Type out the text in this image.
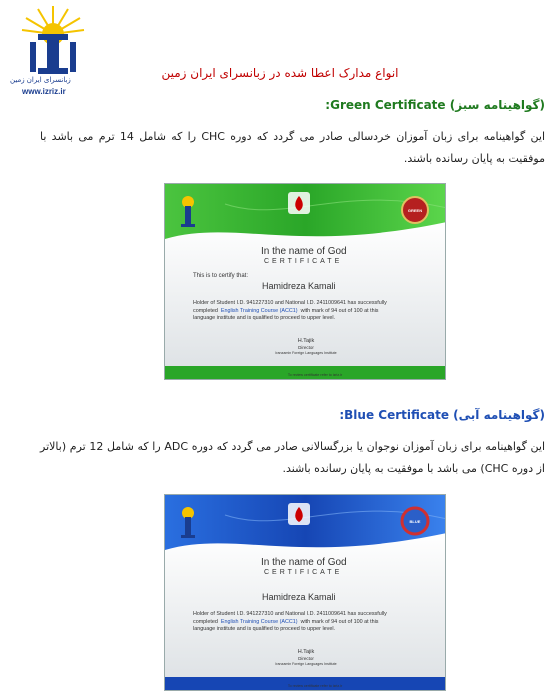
زبانسرای ایران زمین
www.izriz.ir
انواع مدارک اعطا شده در زبانسرای ایران زمین
(گواهینامه سبز) Green Certificate:
این گواهینامه برای زبان آموزان خردسالی صادر می گردد که دوره CHC را که شامل 14 ترم می باشد با موفقیت به پایان رسانده باشند.
In the name of God
CERTIFICATE
This is to certify that:
Hamidreza Kamali
Holder of Student I.D. 941227310 and National I.D. 2411009641 has successfully
completed English Training Course (ACC1) with mark of 94 out of 100 at this
language institute and is qualified to proceed to upper level.
H.Tajik
Director
Iranzamin Foreign Languages Institute
To review certificate refer to izriz.ir
GREEN
(گواهینامه آبی) Blue Certificate:
این گواهینامه برای زبان آموزان نوجوان یا بزرگسالانی صادر می گردد که دوره ADC را که شامل 12 ترم (بالاتر از دوره CHC) می باشد با موفقیت به پایان رسانده باشند.
In the name of God
CERTIFICATE
Hamidreza Kamali
Holder of Student I.D. 941227310 and National I.D. 2411009641 has successfully
completed English Training Course (ACC1) with mark of 94 out of 100 at this
language institute and is qualified to proceed to upper level.
H.Tajik
Director
Iranzamin Foreign Languages Institute
To review certificate refer to izriz.ir
BLUE
